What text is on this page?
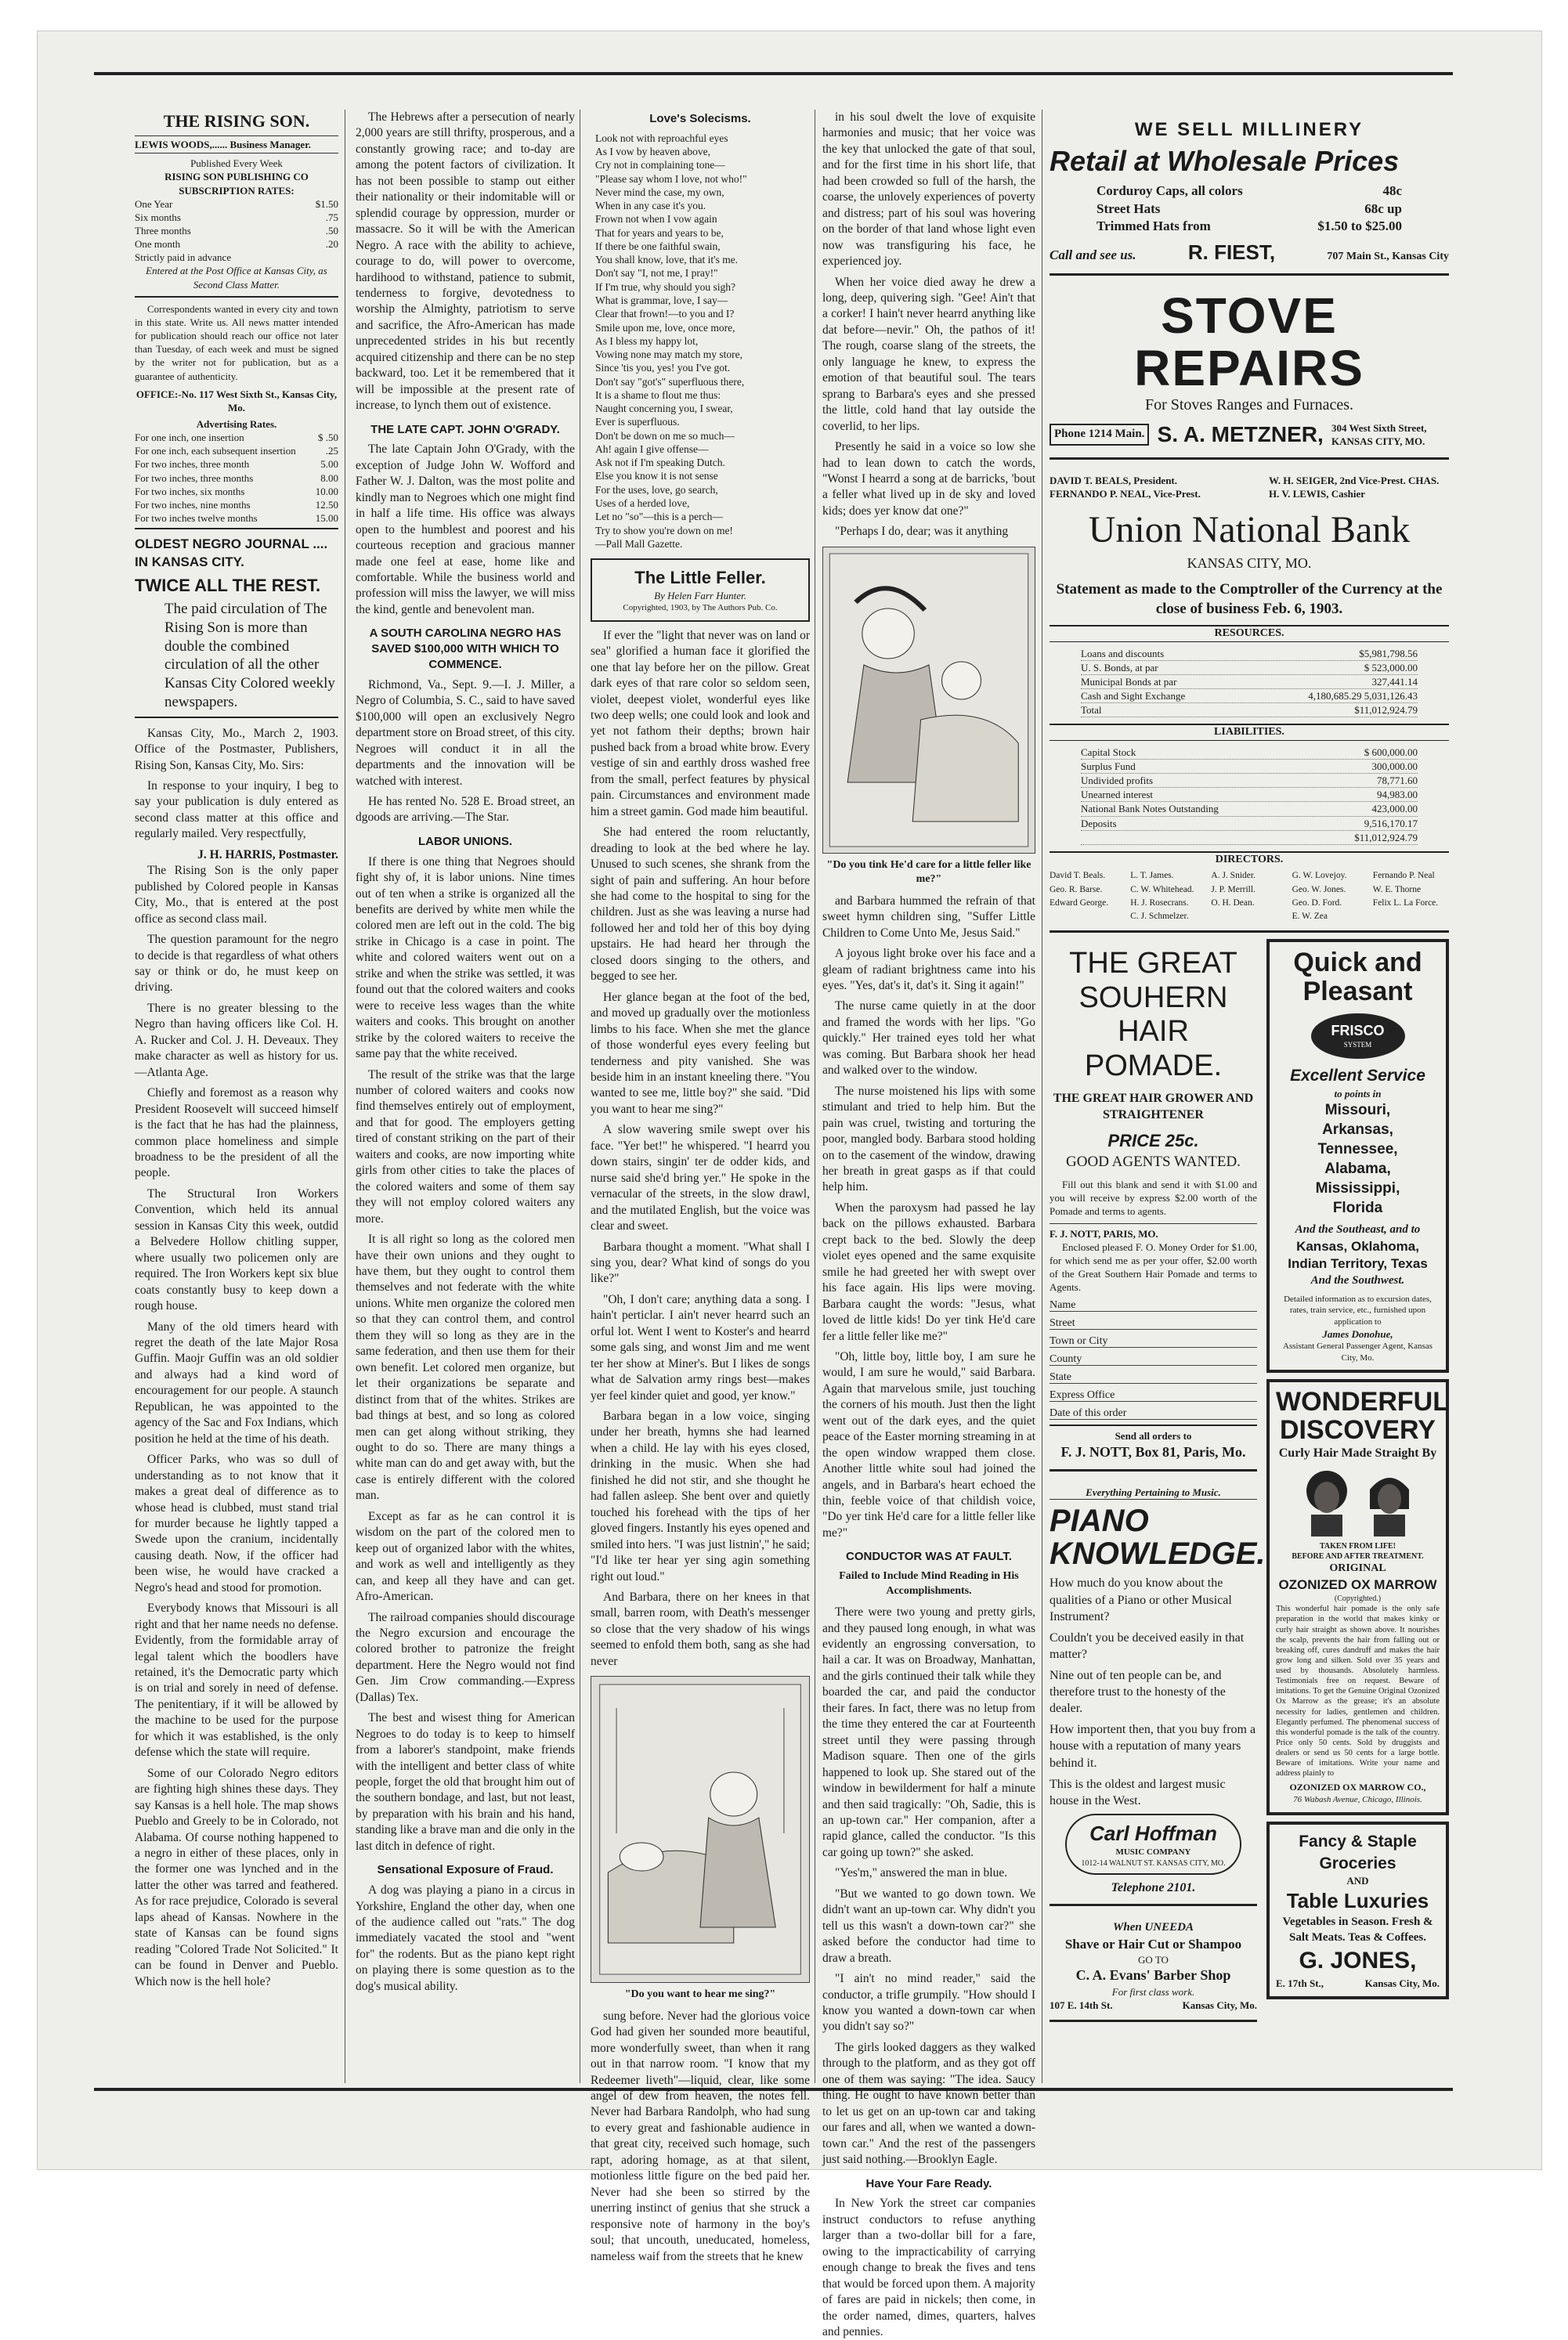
THE RISING SON.
LEWIS WOODS,...... Business Manager.
Published Every Week
RISING SON PUBLISHING CO
SUBSCRIPTION RATES:
One Year	$1.50
Six months	.75
Three months	.50
One month	.20
Strictly paid in advance
Entered at the Post Office at Kansas City, as Second Class Matter.

Correspondents wanted in every city and town in this state. Write us. All news matter intended for publication should reach our office not later than Tuesday, of each week and must be signed by the writer not for publication, but as a guarantee of authenticity.

OFFICE:-No. 117 West Sixth St., Kansas City, Mo.
Advertising Rates.
For one inch, one insertion	$ .50
For one inch, each subsequent insertion	.25
For two inches, three month	5.00
For two inches, three months	8.00
For two inches, six months	10.00
For two inches, nine months	12.50
For two inches twelve months	15.00
OLDEST NEGRO JOURNAL .... IN KANSAS CITY.
TWICE ALL THE REST.
The paid circulation of The Rising Son is more than double the combined circulation of all the other Kansas City Colored weekly newspapers.

Kansas City, Mo., March 2, 1903. Office of the Postmaster, Publishers, Rising Son, Kansas City, Mo. Sirs:

In response to your inquiry, I beg to say your publication is duly entered as second class matter at this office and regularly mailed. Very respectfully,

J. H. HARRIS, Postmaster.

The Rising Son is the only paper published by Colored people in Kansas City, Mo., that is entered at the post office as second class mail.

The question paramount for the negro to decide is that regardless of what others say or think or do, he must keep on driving.

There is no greater blessing to the Negro than having officers like Col. H. A. Rucker and Col. J. H. Deveaux. They make character as well as history for us.—Atlanta Age.

Chiefly and foremost as a reason why President Roosevelt will succeed himself is the fact that he has had the plainness, common place homeliness and simple broadness to be the president of all the people.

The Structural Iron Workers Convention, which held its annual session in Kansas City this week, outdid a Belvedere Hollow chitling supper, where usually two policemen only are required. The Iron Workers kept six blue coats constantly busy to keep down a rough house.

Many of the old timers heard with regret the death of the late Major Rosa Guffin. Maojr Guffin was an old soldier and always had a kind word of encouragement for our people. A staunch Republican, he was appointed to the agency of the Sac and Fox Indians, which position he held at the time of his death.

Officer Parks, who was so dull of understanding as to not know that it makes a great deal of difference as to whose head is clubbed, must stand trial for murder because he lightly tapped a Swede upon the cranium, incidentally causing death. Now, if the officer had been wise, he would have cracked a Negro's head and stood for promotion.

Everybody knows that Missouri is all right and that her name needs no defense. Evidently, from the formidable array of legal talent which the boodlers have retained, it's the Democratic party which is on trial and sorely in need of defense. The penitentiary, if it will be allowed by the machine to be used for the purpose for which it was established, is the only defense which the state will require.

Some of our Colorado Negro editors are fighting high shines these days. They say Kansas is a hell hole. The map shows Pueblo and Greely to be in Colorado, not Alabama. Of course nothing happened to a negro in either of these places, only in the former one was lynched and in the latter the other was tarred and feathered. As for race prejudice, Colorado is several laps ahead of Kansas. Nowhere in the state of Kansas can be found signs reading "Colored Trade Not Solicited." It can be found in Denver and Pueblo. Which now is the hell hole?

The Hebrews after a persecution of nearly 2,000 years are still thrifty, prosperous, and a constantly growing race; and to-day are among the potent factors of civilization. It has not been possible to stamp out either their nationality or their indomitable will or splendid courage by oppression, murder or massacre. So it will be with the American Negro. A race with the ability to achieve, courage to do, will power to overcome, hardihood to withstand, patience to submit, tenderness to forgive, devotedness to worship the Almighty, patriotism to serve and sacrifice, the Afro-American has made unprecedented strides in his but recently acquired citizenship and there can be no step backward, too. Let it be remembered that it will be impossible at the present rate of increase, to lynch them out of existence.

THE LATE CAPT. JOHN O'GRADY.

The late Captain John O'Grady, with the exception of Judge John W. Wofford and Father W. J. Dalton, was the most polite and kindly man to Negroes which one might find in half a life time. His office was always open to the humblest and poorest and his courteous reception and gracious manner made one feel at ease, home like and comfortable. While the business world and profession will miss the lawyer, we will miss the kind, gentle and benevolent man.

A SOUTH CAROLINA NEGRO HAS SAVED $100,000 WITH WHICH TO COMMENCE.

Richmond, Va., Sept. 9.—I. J. Miller, a Negro of Columbia, S. C., said to have saved $100,000 will open an exclusively Negro department store on Broad street, of this city. Negroes will conduct it in all the departments and the innovation will be watched with interest.

He has rented No. 528 E. Broad street, an dgoods are arriving.—The Star.

LABOR UNIONS.

If there is one thing that Negroes should fight shy of, it is labor unions. Nine times out of ten when a strike is organized all the benefits are derived by white men while the colored men are left out in the cold. The big strike in Chicago is a case in point. The white and colored waiters went out on a strike and when the strike was settled, it was found out that the colored waiters and cooks were to receive less wages than the white waiters and cooks. This brought on another strike by the colored waiters to receive the same pay that the white received.

The result of the strike was that the large number of colored waiters and cooks now find themselves entirely out of employment, and that for good. The employers getting tired of constant striking on the part of their waiters and cooks, are now importing white girls from other cities to take the places of the colored waiters and some of them say they will not employ colored waiters any more.

It is all right so long as the colored men have their own unions and they ought to have them, but they ought to control them themselves and not federate with the white unions. White men organize the colored men so that they can control them, and control them they will so long as they are in the same federation, and then use them for their own benefit. Let colored men organize, but let their organizations be separate and distinct from that of the whites. Strikes are bad things at best, and so long as colored men can get along without striking, they ought to do so. There are many things a white man can do and get away with, but the case is entirely different with the colored man.

Except as far as he can control it is wisdom on the part of the colored men to keep out of organized labor with the whites, and work as well and intelligently as they can, and keep all they have and can get. Afro-American.

The railroad companies should discourage the Negro excursion and encourage the colored brother to patronize the freight department. Here the Negro would not find Gen. Jim Crow commanding.—Express (Dallas) Tex.

The best and wisest thing for American Negroes to do today is to keep to himself from a laborer's standpoint, make friends with the intelligent and better class of white people, forget the old that brought him out of the southern bondage, and last, but not least, by preparation with his brain and his hand, standing like a brave man and die only in the last ditch in defence of right.

Sensational Exposure of Fraud.

A dog was playing a piano in a circus in Yorkshire, England the other day, when one of the audience called out "rats." The dog immediately vacated the stool and "went for" the rodents. But as the piano kept right on playing there is some question as to the dog's musical ability.

Love's Solecisms.
Look not with reproachful eyes
As I vow by heaven above,
Cry not in complaining tone—
"Please say whom I love, not who!"
Never mind the case, my own,
When in any case it's you.
Frown not when I vow again
That for years and years to be,
If there be one faithful swain,
You shall know, love, that it's me.
Don't say "I, not me, I pray!"
If I'm true, why should you sigh?
What is grammar, love, I say—
Clear that frown!—to you and I?
Smile upon me, love, once more,
As I bless my happy lot,
Vowing none may match my store,
Since 'tis you, yes! you I've got.
Don't say "got's" superfluous there,
It is a shame to flout me thus:
Naught concerning you, I swear,
Ever is superfluous.
Don't be down on me so much—
Ah! again I give offense—
Ask not if I'm speaking Dutch.
Else you know it is not sense
For the uses, love, go search,
Uses of a herded love,
Let no "so"—this is a perch—
Try to show you're down on me!
—Pall Mall Gazette.
The Little Feller.
By Helen Farr Hunter.
Copyrighted, 1903, by The Authors Pub. Co.

If ever the "light that never was on land or sea" glorified a human face it glorified the one that lay before her on the pillow. Great dark eyes of that rare color so seldom seen, violet, deepest violet, wonderful eyes like two deep wells; one could look and look and yet not fathom their depths; brown hair pushed back from a broad white brow. Every vestige of sin and earthly dross washed free from the small, perfect features by physical pain. Circumstances and environment made him a street gamin. God made him beautiful.

She had entered the room reluctantly, dreading to look at the bed where he lay. Unused to such scenes, she shrank from the sight of pain and suffering. An hour before she had come to the hospital to sing for the children. Just as she was leaving a nurse had followed her and told her of this boy dying upstairs. He had heard her through the closed doors singing to the others, and begged to see her.

Her glance began at the foot of the bed, and moved up gradually over the motionless limbs to his face. When she met the glance of those wonderful eyes every feeling but tenderness and pity vanished. She was beside him in an instant kneeling there. "You wanted to see me, little boy?" she said. "Did you want to hear me sing?"

A slow wavering smile swept over his face. "Yer bet!" he whispered. "I hearrd you down stairs, singin' ter de odder kids, and nurse said she'd bring yer." He spoke in the vernacular of the streets, in the slow drawl, and the mutilated English, but the voice was clear and sweet.

Barbara thought a moment. "What shall I sing you, dear? What kind of songs do you like?"

"Oh, I don't care; anything data a song. I hain't perticlar. I ain't never hearrd such an orful lot. Went I went to Koster's and hearrd some gals sing, and wonst Jim and me went ter her show at Miner's. But I likes de songs what de Salvation army rings best—makes yer feel kinder quiet and good, yer know."

Barbara began in a low voice, singing under her breath, hymns she had learned when a child. He lay with his eyes closed, drinking in the music. When she had finished he did not stir, and she thought he had fallen asleep. She bent over and quietly touched his forehead with the tips of her gloved fingers. Instantly his eyes opened and smiled into hers. "I was just listnin'," he said; "I'd like ter hear yer sing agin something right out loud."

And Barbara, there on her knees in that small, barren room, with Death's messenger so close that the very shadow of his wings seemed to enfold them both, sang as she had never

"Do you want to hear me sing?"

sung before. Never had the glorious voice God had given her sounded more beautiful, more wonderfully sweet, than when it rang out in that narrow room. "I know that my Redeemer liveth"—liquid, clear, like some angel of dew from heaven, the notes fell. Never had Barbara Randolph, who had sung to every great and fashionable audience in that great city, received such homage, such rapt, adoring homage, as at that silent, motionless little figure on the bed paid her. Never had she been so stirred by the unerring instinct of genius that she struck a responsive note of harmony in the boy's soul; that uncouth, uneducated, homeless, nameless waif from the streets that he knew

in his soul dwelt the love of exquisite harmonies and music; that her voice was the key that unlocked the gate of that soul, and for the first time in his short life, that had been crowded so full of the harsh, the coarse, the unlovely experiences of poverty and distress; part of his soul was hovering on the border of that land whose light even now was transfiguring his face, he experienced joy.

When her voice died away he drew a long, deep, quivering sigh. "Gee! Ain't that a corker! I hain't never hearrd anything like dat before—nevir." Oh, the pathos of it! The rough, coarse slang of the streets, the only language he knew, to express the emotion of that beautiful soul. The tears sprang to Barbara's eyes and she pressed the little, cold hand that lay outside the coverlid, to her lips.

Presently he said in a voice so low she had to lean down to catch the words, "Wonst I hearrd a song at de barricks, 'bout a feller what lived up in de sky and loved kids; does yer know dat one?"

"Perhaps I do, dear; was it anything

"Do you tink He'd care for a little feller like me?"

and Barbara hummed the refrain of that sweet hymn children sing, "Suffer Little Children to Come Unto Me, Jesus Said."

A joyous light broke over his face and a gleam of radiant brightness came into his eyes. "Yes, dat's it, dat's it. Sing it again!"

The nurse came quietly in at the door and framed the words with her lips. "Go quickly." Her trained eyes told her what was coming. But Barbara shook her head and walked over to the window.

The nurse moistened his lips with some stimulant and tried to help him. But the pain was cruel, twisting and torturing the poor, mangled body. Barbara stood holding on to the casement of the window, drawing her breath in great gasps as if that could help him.

When the paroxysm had passed he lay back on the pillows exhausted. Barbara crept back to the bed. Slowly the deep violet eyes opened and the same exquisite smile he had greeted her with swept over his face again. His lips were moving. Barbara caught the words: "Jesus, what loved de little kids! Do yer tink He'd care fer a little feller like me?"

"Oh, little boy, little boy, I am sure he would, I am sure he would," said Barbara. Again that marvelous smile, just touching the corners of his mouth. Just then the light went out of the dark eyes, and the quiet peace of the Easter morning streaming in at the open window wrapped them close. Another little white soul had joined the angels, and in Barbara's heart echoed the thin, feeble voice of that childish voice, "Do yer tink He'd care for a little feller like me?"

CONDUCTOR WAS AT FAULT.
Failed to Include Mind Reading in His Accomplishments.

There were two young and pretty girls, and they paused long enough, in what was evidently an engrossing conversation, to hail a car. It was on Broadway, Manhattan, and the girls continued their talk while they boarded the car, and paid the conductor their fares. In fact, there was no letup from the time they entered the car at Fourteenth street until they were passing through Madison square. Then one of the girls happened to look up. She stared out of the window in bewilderment for half a minute and then said tragically: "Oh, Sadie, this is an up-town car." Her companion, after a rapid glance, called the conductor. "Is this car going up town?" she asked.

"Yes'm," answered the man in blue.

"But we wanted to go down town. We didn't want an up-town car. Why didn't you tell us this wasn't a down-town car?" she asked before the conductor had time to draw a breath.

"I ain't no mind reader," said the conductor, a trifle grumpily. "How should I know you wanted a down-town car when you didn't say so?"

The girls looked daggers as they walked through to the platform, and as they got off one of them was saying: "The idea. Saucy thing. He ought to have known better than to let us get on an up-town car and taking our fares and all, when we wanted a down-town car." And the rest of the passengers just said nothing.—Brooklyn Eagle.

Have Your Fare Ready.

In New York the street car companies instruct conductors to refuse anything larger than a two-dollar bill for a fare, owing to the impracticability of carrying enough change to break the fives and tens that would be forced upon them. A majority of fares are paid in nickels; then come, in the order named, dimes, quarters, halves and pennies.

WE SELL MILLINERY
Retail at Wholesale Prices
Corduroy Caps, all colors	48c
Street Hats	68c up
Trimmed Hats from	$1.50 to $25.00
Call and see us.	R. FIEST,	707 Main St., Kansas City
STOVE REPAIRS
For Stoves Ranges and Furnaces.
Phone 1214 Main. S. A. METZNER, 304 West Sixth Street, KANSAS CITY, MO.
DAVID T. BEALS, President. FERNANDO P. NEAL, Vice-Prest.
W. H. SEIGER, 2nd Vice-Prest. CHAS. H. V. LEWIS, Cashier
Union National Bank
KANSAS CITY, MO.
Statement as made to the Comptroller of the Currency at the close of business Feb. 6, 1903.
RESOURCES.
Loans and discounts	$5,981,798.56
U. S. Bonds, at par	$ 523,000.00
Municipal Bonds at par	327,441.14
Cash and Sight Exchange	4,180,685.29 5,031,126.43
Total	$11,012,924.79
LIABILITIES.
Capital Stock	$ 600,000.00
Surplus Fund	300,000.00
Undivided profits	78,771.60
Unearned interest	94,983.00
National Bank Notes Outstanding	423,000.00
Deposits	9,516,170.17
$11,012,924.79
DIRECTORS.
David T. Beals.	L. T. James.	A. J. Snider.	G. W. Lovejoy.	Fernando P. Neal
Geo. R. Barse.	C. W. Whitehead.	J. P. Merrill.	Geo. W. Jones.	W. E. Thorne
Edward George.	H. J. Rosecrans.	O. H. Dean.	Geo. D. Ford.	Felix L. La Force.
C. J. Schmelzer.	E. W. Zea
THE GREAT SOUHERN HAIR POMADE.
THE GREAT HAIR GROWER AND STRAIGHTENER
PRICE 25c.
GOOD AGENTS WANTED.

Fill out this blank and send it with $1.00 and you will receive by express $2.00 worth of the Pomade and terms to agents.

F. J. NOTT, PARIS, MO.

Enclosed pleased F. O. Money Order for $1.00, for which send me as per your offer, $2.00 worth of the Great Southern Hair Pomade and terms to Agents.

Name
Street
Town or City
County
State
Express Office
Date of this order
Send all orders to
F. J. NOTT, Box 81, Paris, Mo.
Everything Pertaining to Music.
PIANO KNOWLEDGE.
How much do you know about the qualities of a Piano or other Musical Instrument?
Couldn't you be deceived easily in that matter?
Nine out of ten people can be, and therefore trust to the honesty of the dealer.
How importent then, that you buy from a house with a reputation of many years behind it.
This is the oldest and largest music house in the West.
Carl Hoffman
MUSIC COMPANY
1012-14 WALNUT ST. KANSAS CITY, MO.
Telephone 2101.
When UNEEDA
Shave or Hair Cut or Shampoo
GO TO
C. A. Evans' Barber Shop
For first class work.
107 E. 14th St.	Kansas City, Mo.
Quick and Pleasant
FRISCO
SYSTEM
Excellent Service
to points in
Missouri,
Arkansas,
Tennessee,
Alabama,
Mississippi,
Florida
And the Southeast, and to
Kansas, Oklahoma, Indian Territory, Texas
And the Southwest.
Detailed information as to excursion dates, rates, train service, etc., furnished upon application to
James Donohue,
Assistant General Passenger Agent, Kansas City, Mo.
WONDERFUL DISCOVERY
Curly Hair Made Straight By
TAKEN FROM LIFE!
BEFORE AND AFTER TREATMENT.
ORIGINAL
OZONIZED OX MARROW
(Copyrighted.)
This wonderful hair pomade is the only safe preparation in the world that makes kinky or curly hair straight as shown above. It nourishes the scalp, prevents the hair from falling out or breaking off, cures dandruff and makes the hair grow long and silken. Sold over 35 years and used by thousands. Absolutely harmless. Testimonials free on request. Beware of imitations. To get the Genuine Original Ozonized Ox Marrow as the grease; it's an absolute necessity for ladies, gentlemen and children. Elegantly perfumed. The phenomenal success of this wonderful pomade is the talk of the country. Price only 50 cents. Sold by druggists and dealers or send us 50 cents for a large bottle. Beware of imitations. Write your name and address plainly to
OZONIZED OX MARROW CO.,
76 Wabash Avenue, Chicago, Illinois.
Fancy & Staple Groceries
AND
Table Luxuries
Vegetables in Season. Fresh & Salt Meats. Teas & Coffees.
G. JONES,
E. 17th St.,	Kansas City, Mo.
